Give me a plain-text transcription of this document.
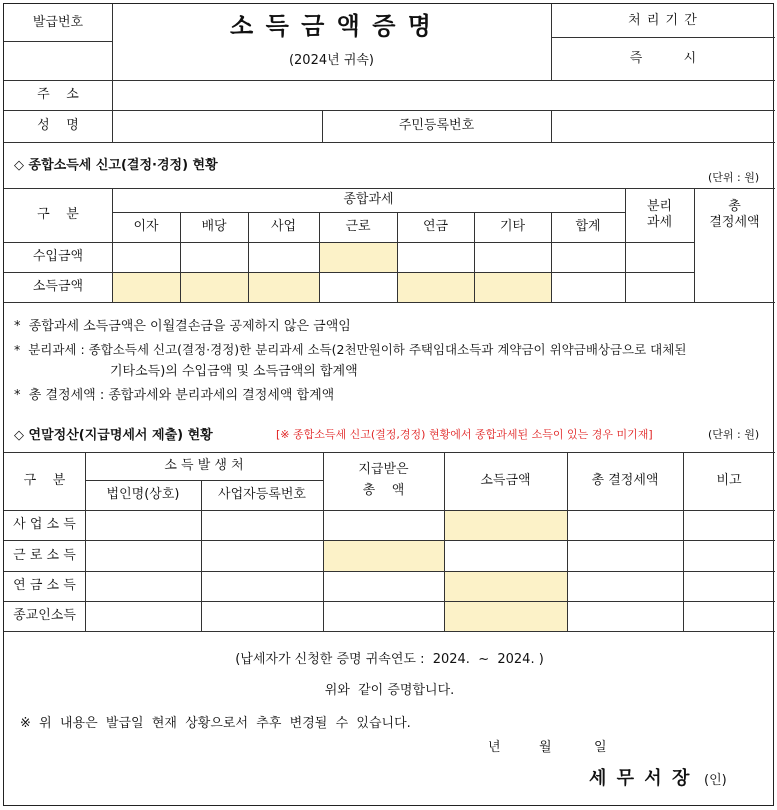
발급번호	소 득 금 액 증 명
(2024년 귀속)
처 리 기 간
즉          시
주    소
성    명	주민등록번호
◇ 종합소득세 신고(결정·경정) 현황
(단위 : 원)
구    분
종합과세
이자	배당	사업	근로	연금	기타	합계
분리
과세
총
결정세액
수입금액
소득금액
*  종합과세 소득금액은 이월결손금을 공제하지 않은 금액임
*  분리과세 : 종합소득세 신고(결정·경정)한 분리과세 소득(2천만원이하 주택임대소득과 계약금이 위약금배상금으로 대체된
기타소득)의 수입금액 및 소득금액의 합계액
*  총 결정세액 : 종합과세와 분리과세의 결정세액 합계액
◇ 연말정산(지급명세서 제출) 현황	[※ 종합소득세 신고(결정,경정) 현황에서 종합과세된 소득이 있는 경우 미기재]	(단위 : 원)
구    분
소 득 발 생 처
법인명(상호)	사업자등록번호
지급받은
총    액
소득금액	총 결정세액	비고
사 업 소 득
근 로 소 득
연 금 소 득
종교인소득
(납세자가 신청한 증명 귀속연도 :  2024.  ~  2024. )
위와  같이 증명합니다.
※  위  내용은  발급일  현재  상황으로서  추후  변경될  수  있습니다.
년	월	일
세 무 서 장 (인)
